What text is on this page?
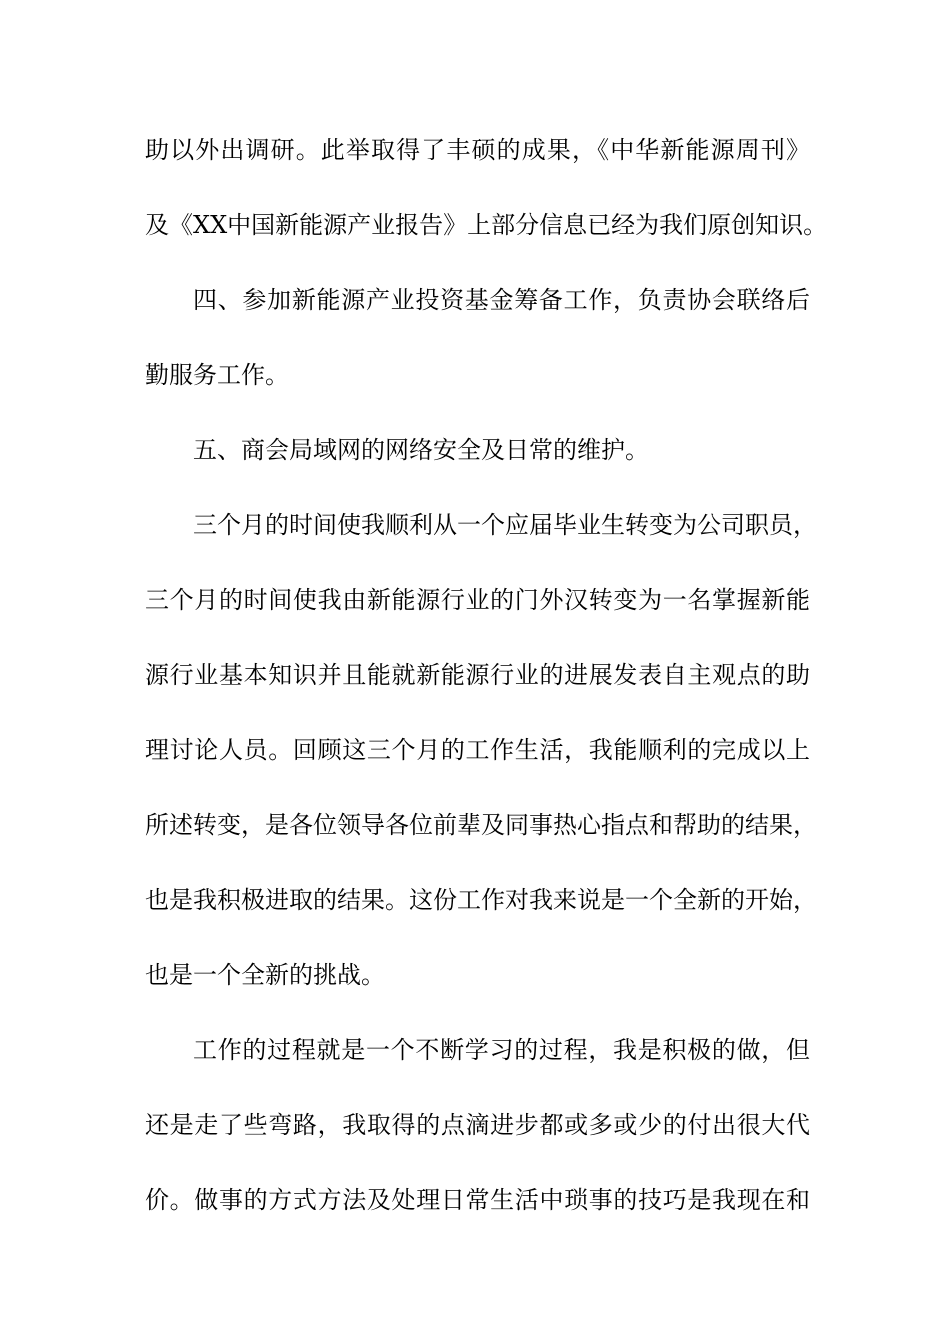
助以外出调研。此举取得了丰硕的成果，《中华新能源周刊》
及《XX中国新能源产业报告》上部分信息已经为我们原创知识。
四、参加新能源产业投资基金筹备工作，负责协会联络后
勤服务工作。
五、商会局域网的网络安全及日常的维护。
三个月的时间使我顺利从一个应届毕业生转变为公司职员，
三个月的时间使我由新能源行业的门外汉转变为一名掌握新能
源行业基本知识并且能就新能源行业的进展发表自主观点的助
理讨论人员。回顾这三个月的工作生活，我能顺利的完成以上
所述转变，是各位领导各位前辈及同事热心指点和帮助的结果，
也是我积极进取的结果。这份工作对我来说是一个全新的开始，
也是一个全新的挑战。
工作的过程就是一个不断学习的过程，我是积极的做，但
还是走了些弯路，我取得的点滴进步都或多或少的付出很大代
价。做事的方式方法及处理日常生活中琐事的技巧是我现在和
